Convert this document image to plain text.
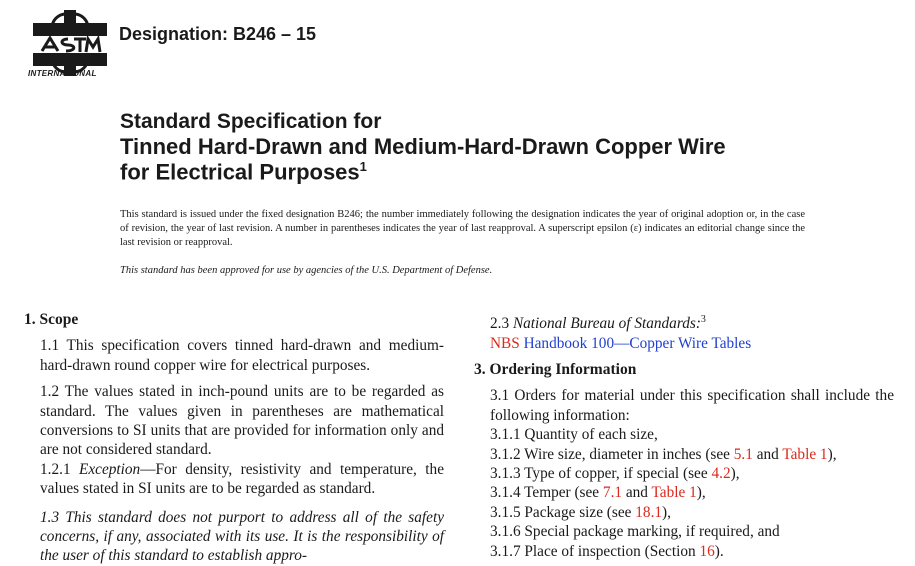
INTERNATIONAL
Designation: B246 – 15
Standard Specification for
Tinned Hard-Drawn and Medium-Hard-Drawn Copper Wire
for Electrical Purposes$^1$
This standard is issued under the fixed designation B246; the number immediately following the designation indicates the year of original adoption or, in the case of revision, the year of last revision. A number in parentheses indicates the year of last reapproval. A superscript epsilon (ε) indicates an editorial change since the last revision or reapproval.
This standard has been approved for use by agencies of the U.S. Department of Defense.
1. Scope

1.1 This specification covers tinned hard-drawn and medium-hard-drawn round copper wire for electrical purposes.

1.2 The values stated in inch-pound units are to be regarded as standard. The values given in parentheses are mathematical conversions to SI units that are provided for information only and are not considered standard.

1.2.1 Exception—For density, resistivity and temperature, the values stated in SI units are to be regarded as standard.

1.3 This standard does not purport to address all of the safety concerns, if any, associated with its use. It is the responsibility of the user of this standard to establish appro-

2.3 National Bureau of Standards:$^3$

NBS Handbook 100—Copper Wire Tables

3. Ordering Information

3.1 Orders for material under this specification shall include the following information:

3.1.1 Quantity of each size,

3.1.2 Wire size, diameter in inches (see 5.1 and Table 1),

3.1.3 Type of copper, if special (see 4.2),

3.1.4 Temper (see 7.1 and Table 1),

3.1.5 Package size (see 18.1),

3.1.6 Special package marking, if required, and

3.1.7 Place of inspection (Section 16).
